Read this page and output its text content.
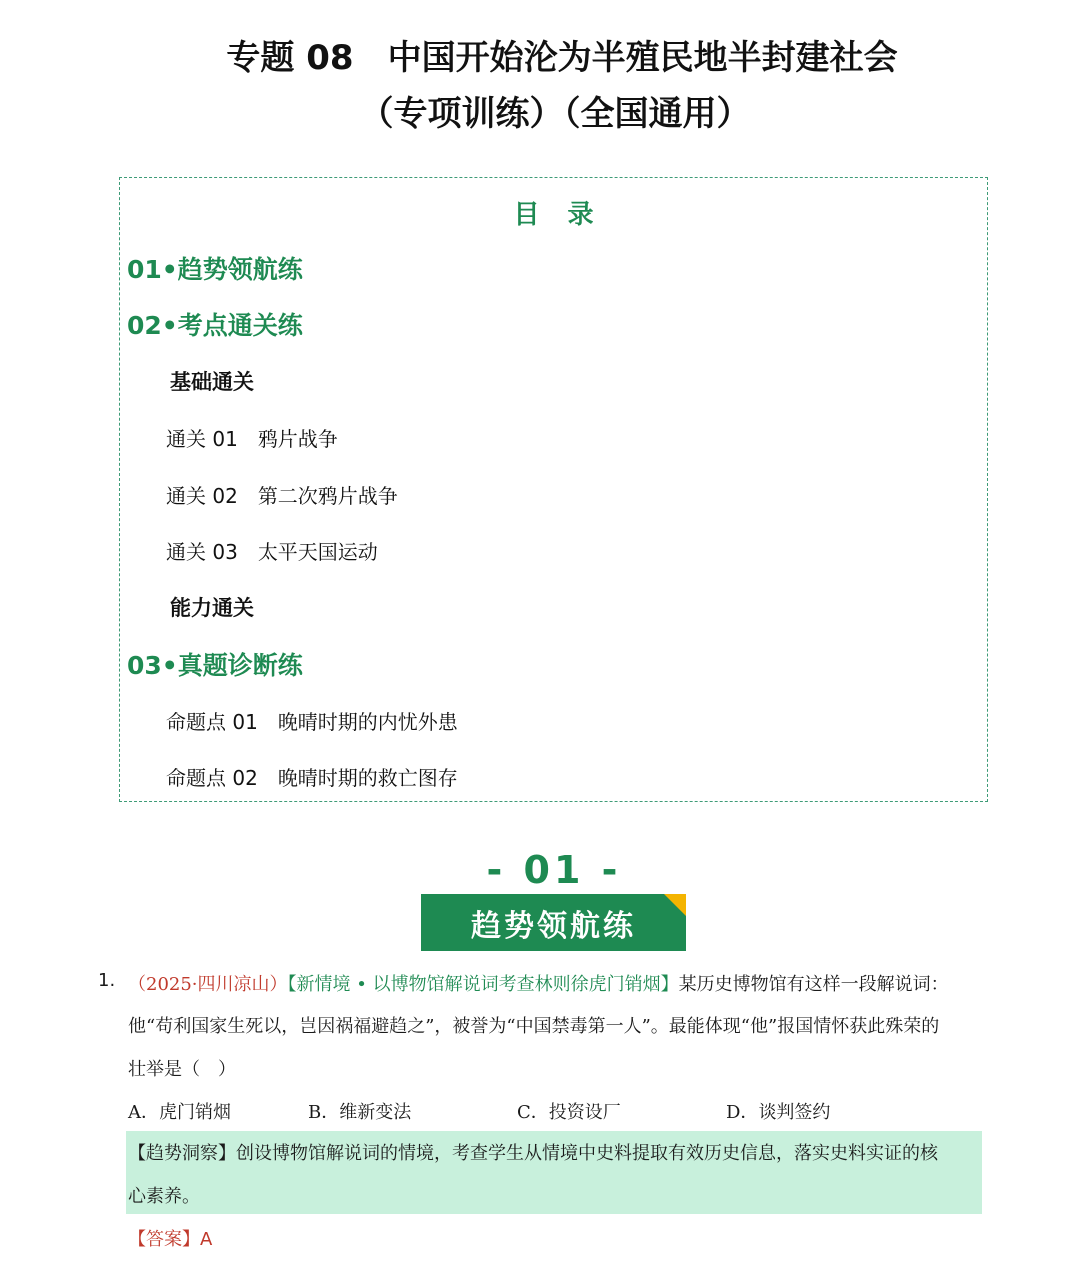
专题 08　中国开始沦为半殖民地半封建社会
（专项训练）（全国通用）
目录
01•趋势领航练
02•考点通关练
基础通关
通关 01 鸦片战争
通关 02 第二次鸦片战争
通关 03 太平天国运动
能力通关
03•真题诊断练
命题点 01 晚晴时期的内忧外患
命题点 02 晚晴时期的救亡图存
- 01 -
趋势领航练
1. （2025·四川凉山）【新情境 • 以博物馆解说词考查林则徐虎门销烟】某历史博物馆有这样一段解说词：
他“苟利国家生死以，岂因祸福避趋之”，被誉为“中国禁毒第一人”。最能体现“他”报国情怀获此殊荣的
壮举是（　）
A．虎门销烟	B．维新变法	C．投资设厂	D．谈判签约
【趋势洞察】创设博物馆解说词的情境，考查学生从情境中史料提取有效历史信息，落实史料实证的核
心素养。
【答案】A
